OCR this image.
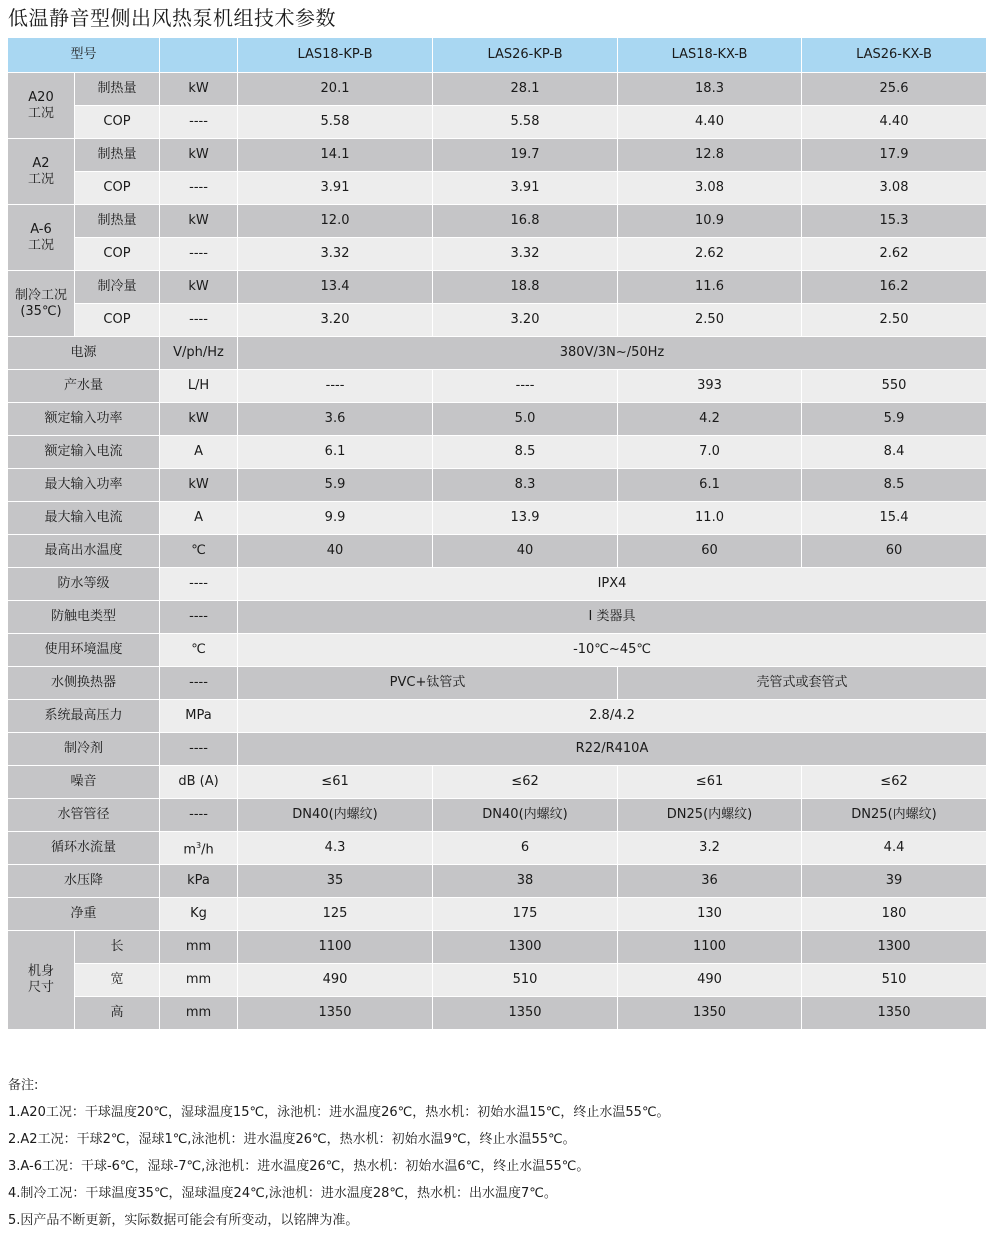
低温静音型侧出风热泵机组技术参数
型号			LAS18-KP-B	LAS26-KP-B	LAS18-KX-B	LAS26-KX-B
A20
工况	制热量	kW	20.1	28.1	18.3	25.6
	COP	----	5.58	5.58	4.40	4.40
A2
工况	制热量	kW	14.1	19.7	12.8	17.9
	COP	----	3.91	3.91	3.08	3.08
A-6
工况	制热量	kW	12.0	16.8	10.9	15.3
	COP	----	3.32	3.32	2.62	2.62
制冷工况
(35℃)	制冷量	kW	13.4	18.8	11.6	16.2
	COP	----	3.20	3.20	2.50	2.50
电源		V/ph/Hz	380V/3N~/50Hz			
产水量		L/H	----	----	393	550
额定输入功率		kW	3.6	5.0	4.2	5.9
额定输入电流		A	6.1	8.5	7.0	8.4
最大输入功率		kW	5.9	8.3	6.1	8.5
最大输入电流		A	9.9	13.9	11.0	15.4
最高出水温度		℃	40	40	60	60
防水等级		----	IPX4			
防触电类型		----	I 类器具			
使用环境温度		℃	-10℃~45℃			
水侧换热器		----	PVC+钛管式		壳管式或套管式	
系统最高压力		MPa	2.8/4.2			
制冷剂		----	R22/R410A			
噪音		dB (A)	≤61	≤62	≤61	≤62
水管管径		----	DN40(内螺纹)	DN40(内螺纹)	DN25(内螺纹)	DN25(内螺纹)
循环水流量		$m^3/h$	4.3	6	3.2	4.4
水压降		kPa	35	38	36	39
净重		Kg	125	175	130	180
机身
尺寸	长	mm	1100	1300	1100	1300
	宽	mm	490	510	490	510
	高	mm	1350	1350	1350	1350
备注:
1.A20工况：干球温度20℃，湿球温度15℃，泳池机：进水温度26℃，热水机：初始水温15℃，终止水温55℃。
2.A2工况：干球2℃，湿球1℃,泳池机：进水温度26℃，热水机：初始水温9℃，终止水温55℃。
3.A-6工况：干球-6℃，湿球-7℃,泳池机：进水温度26℃，热水机：初始水温6℃，终止水温55℃。
4.制冷工况：干球温度35℃，湿球温度24℃,泳池机：进水温度28℃，热水机：出水温度7℃。
5.因产品不断更新，实际数据可能会有所变动，以铭牌为准。
